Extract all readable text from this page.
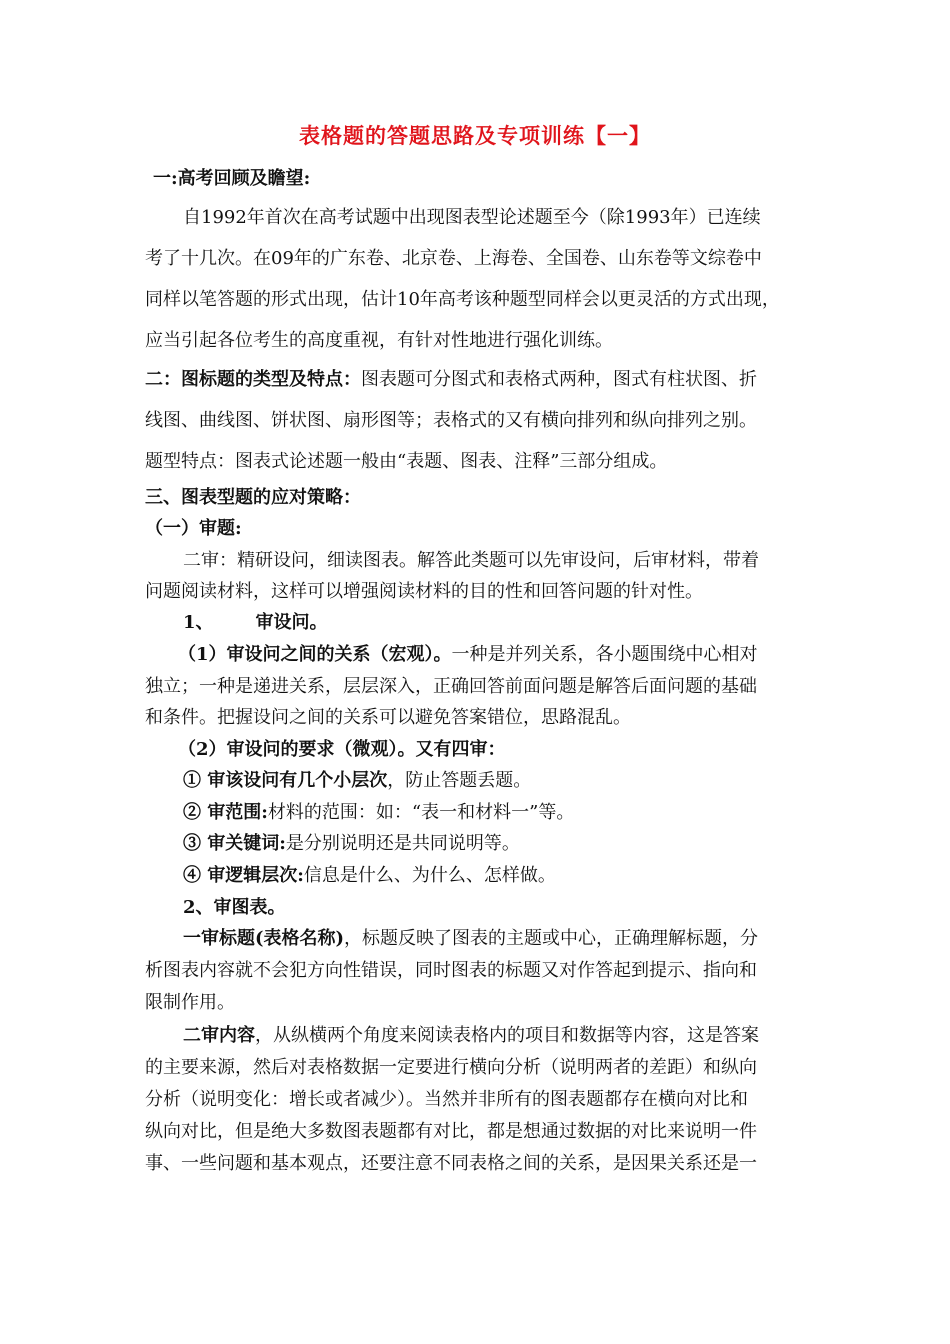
表格题的答题思路及专项训练【一】
一:高考回顾及瞻望:
自1992年首次在高考试题中出现图表型论述题至今（除1993年）已连续
考了十几次。在09年的广东卷、北京卷、上海卷、全国卷、山东卷等文综卷中
同样以笔答题的形式出现，估计10年高考该种题型同样会以更灵活的方式出现，
应当引起各位考生的高度重视，有针对性地进行强化训练。
二：图标题的类型及特点：图表题可分图式和表格式两种，图式有柱状图、折
线图、曲线图、饼状图、扇形图等；表格式的又有横向排列和纵向排列之别。
题型特点：图表式论述题一般由“表题、图表、注释”三部分组成。
三、图表型题的应对策略：
（一）审题:
二审：精研设问，细读图表。解答此类题可以先审设问，后审材料，带着
问题阅读材料，这样可以增强阅读材料的目的性和回答问题的针对性。
1、 审设问。
（1）审设问之间的关系（宏观）。一种是并列关系，各小题围绕中心相对
独立；一种是递进关系，层层深入，正确回答前面问题是解答后面问题的基础
和条件。把握设问之间的关系可以避免答案错位，思路混乱。
（2）审设问的要求（微观）。又有四审：
① 审该设问有几个小层次，防止答题丢题。
② 审范围:材料的范围：如：“表一和材料一”等。
③ 审关键词:是分别说明还是共同说明等。
④ 审逻辑层次:信息是什么、为什么、怎样做。
2、审图表。
一审标题(表格名称)，标题反映了图表的主题或中心，正确理解标题，分
析图表内容就不会犯方向性错误，同时图表的标题又对作答起到提示、指向和
限制作用。
二审内容，从纵横两个角度来阅读表格内的项目和数据等内容，这是答案
的主要来源，然后对表格数据一定要进行横向分析（说明两者的差距）和纵向
分析（说明变化：增长或者减少）。当然并非所有的图表题都存在横向对比和
纵向对比，但是绝大多数图表题都有对比，都是想通过数据的对比来说明一件
事、一些问题和基本观点，还要注意不同表格之间的关系，是因果关系还是一
